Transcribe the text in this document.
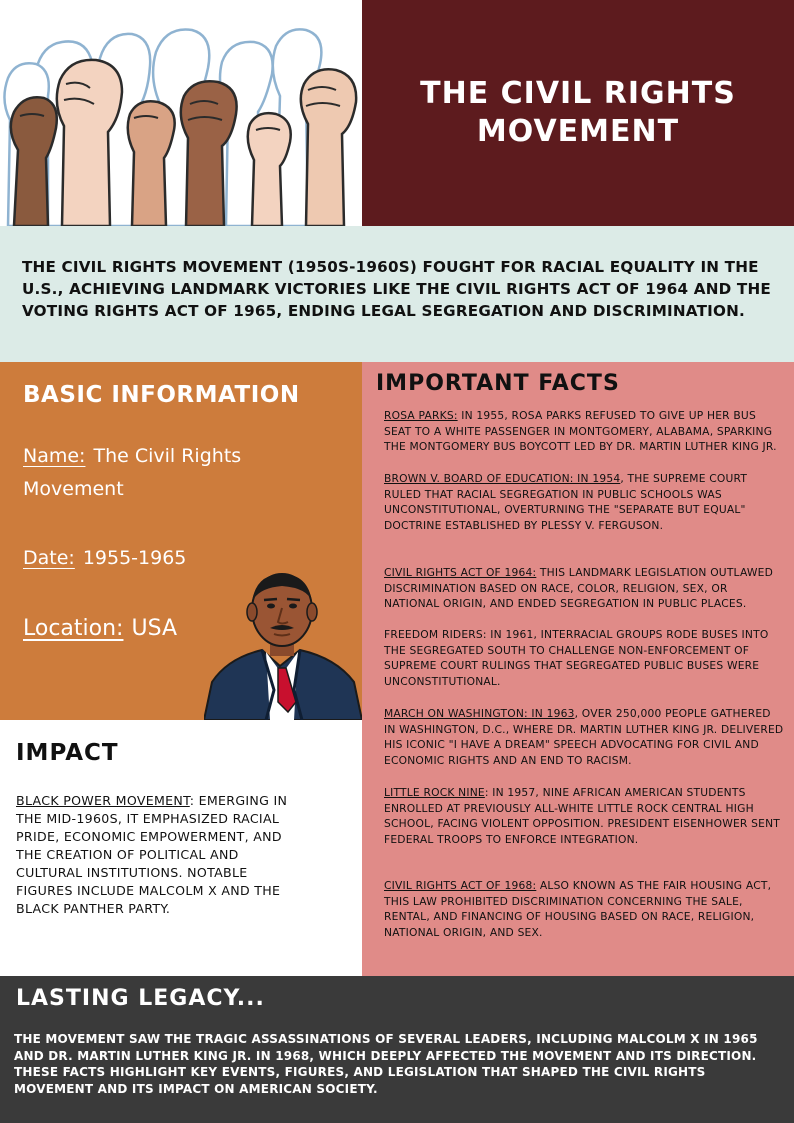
THE CIVIL RIGHTS MOVEMENT

THE CIVIL RIGHTS MOVEMENT (1950S-1960S) FOUGHT FOR RACIAL EQUALITY IN THE U.S., ACHIEVING LANDMARK VICTORIES LIKE THE CIVIL RIGHTS ACT OF 1964 AND THE VOTING RIGHTS ACT OF 1965, ENDING LEGAL SEGREGATION AND DISCRIMINATION.

BASIC INFORMATION
Name: The Civil Rights Movement
Date: 1955-1965
Location: USA
IMPACT

BLACK POWER MOVEMENT: EMERGING IN THE MID-1960S, IT EMPHASIZED RACIAL PRIDE, ECONOMIC EMPOWERMENT, AND THE CREATION OF POLITICAL AND CULTURAL INSTITUTIONS. NOTABLE FIGURES INCLUDE MALCOLM X AND THE BLACK PANTHER PARTY.

IMPORTANT FACTS

ROSA PARKS: IN 1955, ROSA PARKS REFUSED TO GIVE UP HER BUS SEAT TO A WHITE PASSENGER IN MONTGOMERY, ALABAMA, SPARKING THE MONTGOMERY BUS BOYCOTT LED BY DR. MARTIN LUTHER KING JR.

BROWN V. BOARD OF EDUCATION: IN 1954, THE SUPREME COURT RULED THAT RACIAL SEGREGATION IN PUBLIC SCHOOLS WAS UNCONSTITUTIONAL, OVERTURNING THE "SEPARATE BUT EQUAL" DOCTRINE ESTABLISHED BY PLESSY V. FERGUSON.

CIVIL RIGHTS ACT OF 1964: THIS LANDMARK LEGISLATION OUTLAWED DISCRIMINATION BASED ON RACE, COLOR, RELIGION, SEX, OR NATIONAL ORIGIN, AND ENDED SEGREGATION IN PUBLIC PLACES.

FREEDOM RIDERS: IN 1961, INTERRACIAL GROUPS RODE BUSES INTO THE SEGREGATED SOUTH TO CHALLENGE NON-ENFORCEMENT OF SUPREME COURT RULINGS THAT SEGREGATED PUBLIC BUSES WERE UNCONSTITUTIONAL.

MARCH ON WASHINGTON: IN 1963, OVER 250,000 PEOPLE GATHERED IN WASHINGTON, D.C., WHERE DR. MARTIN LUTHER KING JR. DELIVERED HIS ICONIC "I HAVE A DREAM" SPEECH ADVOCATING FOR CIVIL AND ECONOMIC RIGHTS AND AN END TO RACISM.

LITTLE ROCK NINE: IN 1957, NINE AFRICAN AMERICAN STUDENTS ENROLLED AT PREVIOUSLY ALL-WHITE LITTLE ROCK CENTRAL HIGH SCHOOL, FACING VIOLENT OPPOSITION. PRESIDENT EISENHOWER SENT FEDERAL TROOPS TO ENFORCE INTEGRATION.

CIVIL RIGHTS ACT OF 1968: ALSO KNOWN AS THE FAIR HOUSING ACT, THIS LAW PROHIBITED DISCRIMINATION CONCERNING THE SALE, RENTAL, AND FINANCING OF HOUSING BASED ON RACE, RELIGION, NATIONAL ORIGIN, AND SEX.

LASTING LEGACY...

THE MOVEMENT SAW THE TRAGIC ASSASSINATIONS OF SEVERAL LEADERS, INCLUDING MALCOLM X IN 1965 AND DR. MARTIN LUTHER KING JR. IN 1968, WHICH DEEPLY AFFECTED THE MOVEMENT AND ITS DIRECTION. THESE FACTS HIGHLIGHT KEY EVENTS, FIGURES, AND LEGISLATION THAT SHAPED THE CIVIL RIGHTS MOVEMENT AND ITS IMPACT ON AMERICAN SOCIETY.
